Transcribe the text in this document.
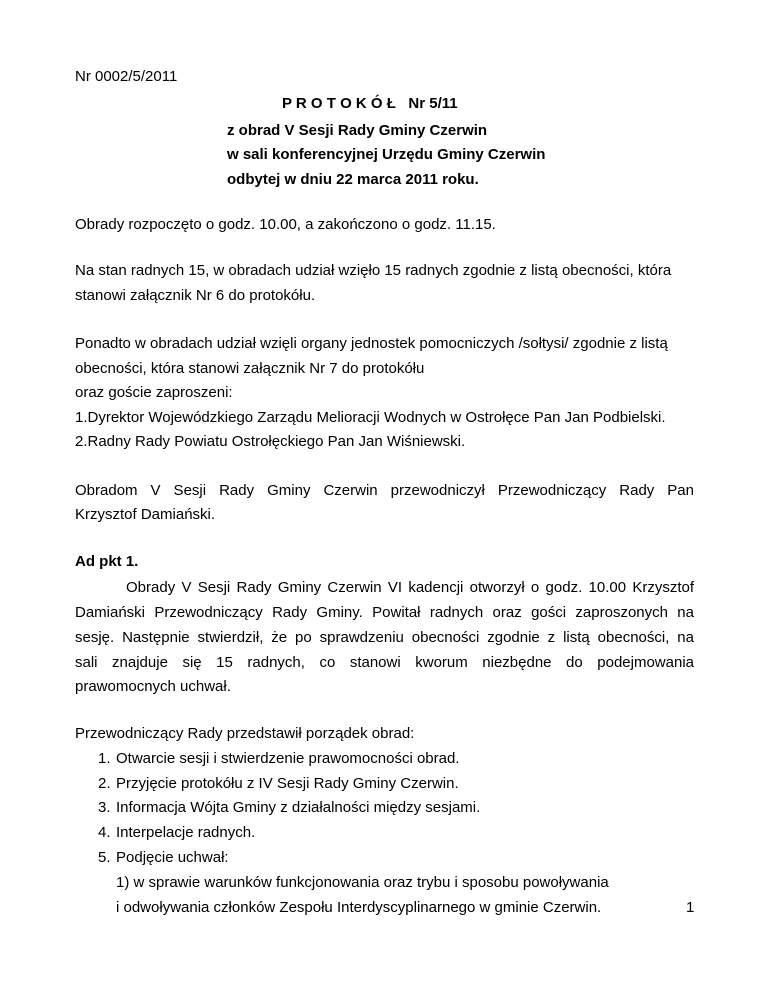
Nr 0002/5/2011
P R O T O K Ó Ł   Nr 5/11
z obrad V Sesji Rady Gminy Czerwin
w sali konferencyjnej Urzędu Gminy Czerwin
odbytej w dniu 22 marca 2011 roku.
Obrady rozpoczęto o godz. 10.00, a zakończono o godz. 11.15.
Na stan radnych 15, w obradach udział wzięło 15 radnych zgodnie z listą obecności, która
stanowi załącznik Nr 6 do protokółu.
Ponadto w obradach udział wzięli organy jednostek pomocniczych /sołtysi/ zgodnie z listą
obecności, która stanowi załącznik Nr 7 do protokółu
oraz goście zaproszeni:
1.Dyrektor Wojewódzkiego Zarządu Melioracji Wodnych w Ostrołęce Pan Jan Podbielski.
2.Radny Rady Powiatu Ostrołęckiego Pan Jan Wiśniewski.
Obradom V Sesji Rady Gminy Czerwin przewodniczył Przewodniczący Rady Pan
Krzysztof Damiański.
Ad pkt 1.
Obrady V Sesji Rady Gminy Czerwin VI kadencji otworzył o godz. 10.00 Krzysztof
Damiański Przewodniczący Rady Gminy. Powitał radnych oraz gości zaproszonych na
sesję. Następnie stwierdził, że po sprawdzeniu obecności zgodnie z listą obecności, na
sali znajduje się 15 radnych, co stanowi kworum niezbędne do podejmowania
prawomocnych uchwał.
Przewodniczący Rady przedstawił porządek obrad:
1. Otwarcie sesji i stwierdzenie prawomocności obrad.
2. Przyjęcie protokółu z IV Sesji Rady Gminy Czerwin.
3. Informacja Wójta Gminy z działalności między sesjami.
4. Interpelacje radnych.
5. Podjęcie uchwał:
1) w sprawie warunków funkcjonowania oraz trybu i sposobu powoływania
i odwoływania członków Zespołu Interdyscyplinarnego w gminie Czerwin.	1
